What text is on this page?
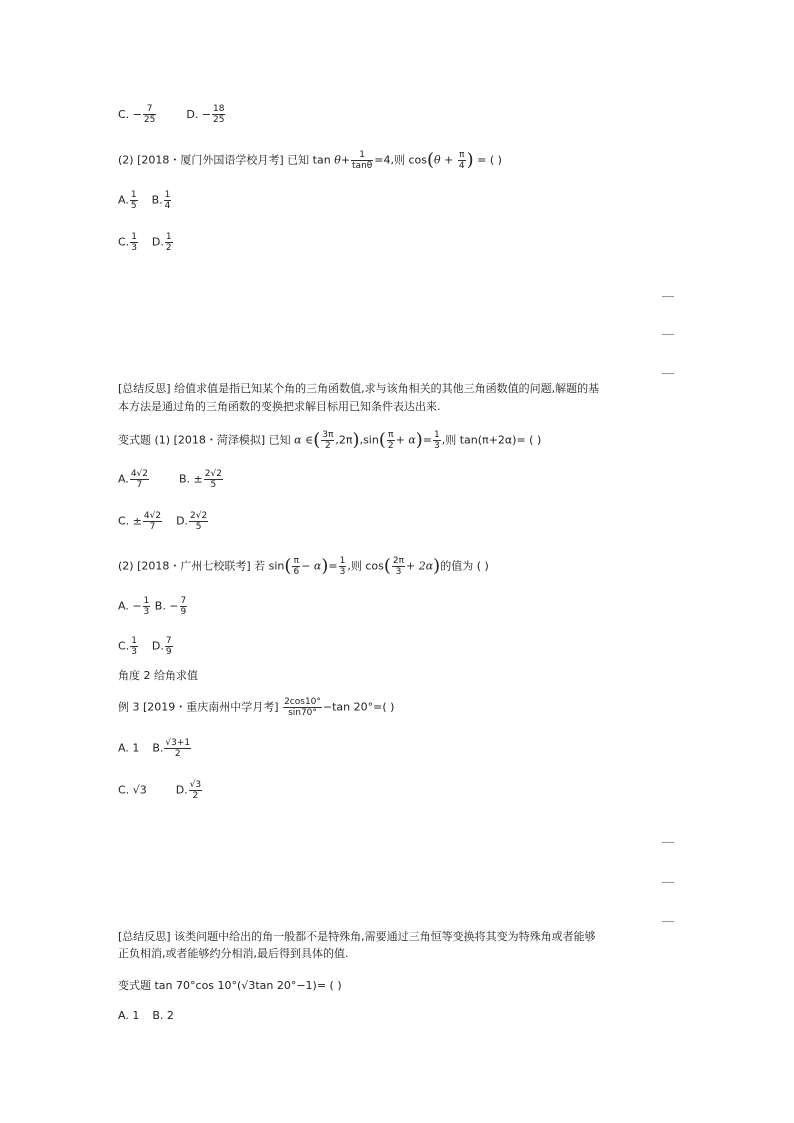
C. − $\frac{7}{25}$	D. − $\frac{18}{25}$
(2) [2018・厦门外国语学校月考] 已知 $\tan \theta+ \frac{1}{\tan\theta} =4$,则 $\cos(\theta + \frac{\pi}{4}$ ) = ( )
A. $\frac{1}{5} B$. $\frac{1}{4}$
C. $\frac{1}{3} D$. $\frac{1}{2}$
[总结反思] 给值求值是指已知某个角的三角函数值,求与该角相关的其他三角函数值的问题,解题的基
本方法是通过角的三角函数的变换把求解目标用已知条件表达出来.
变式题 (1) [2018・菏泽模拟] 已知 α ∈( $\frac{3\pi}{2} ,2\pi),\sin( \frac{\pi}{2} + \alpha)= \frac{1}{3}$ ,则 tan(π+2α)= ( )
A. $\frac{4√2}{7}$	B. ± $\frac{2√2}{5}$
C. ± $\frac{4√2}{7} D$. $\frac{2√2}{5}$
(2) [2018・广州七校联考] 若 $\sin( \frac{\pi}{6} - \alpha)= \frac{1}{3}$ ,则 $\cos( \frac{2\pi}{3} + 2\alpha)$的值为 ( )
A. − $\frac{1}{3} B$. − $\frac{7}{9}$
C. $\frac{1}{3} D$. $\frac{7}{9}$
角度 2 给角求值
例 3 [2019・重庆南州中学月考] $\frac{2\cos 10^\circ}{\sin 70^\circ} -\tan$ 20°=( )
A. 1 B. $\frac{√3+1}{2}$
C. √3	D. $\frac{√3}{2}$
[总结反思] 该类问题中给出的角一般都不是特殊角,需要通过三角恒等变换将其变为特殊角或者能够
正负相消,或者能够约分相消,最后得到具体的值.
变式题 tan 70°cos 10°(√3tan 20°−1)= ( )
A. 1 B. 2
